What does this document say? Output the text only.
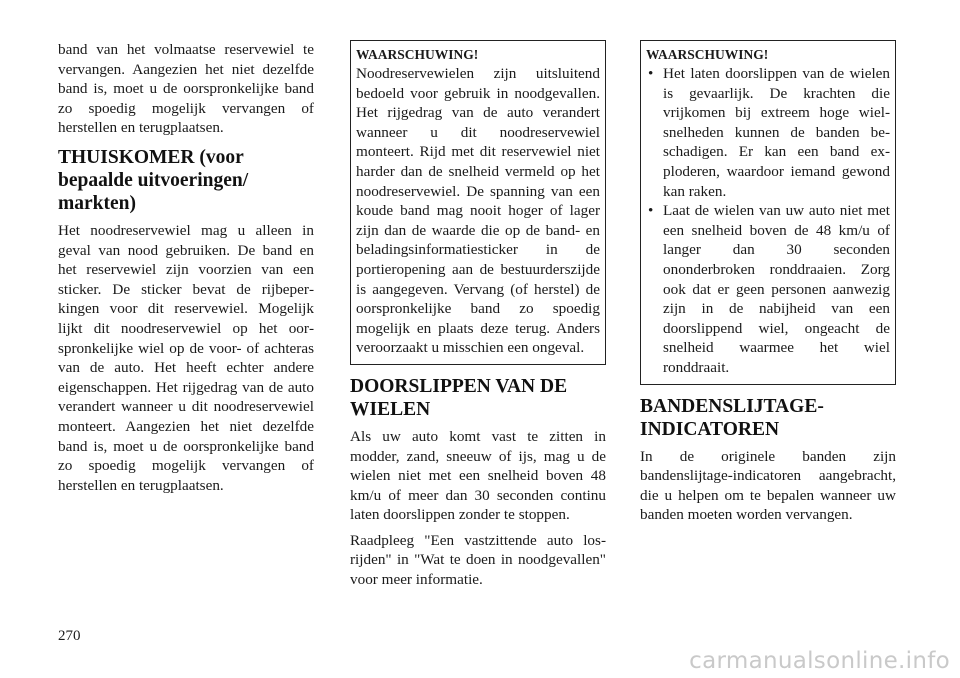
band van het volmaatse reservewiel te vervangen. Aangezien het niet dezelfde band is, moet u de oorspronkelijke band zo spoedig mogelijk vervangen of herstellen en terugplaatsen.

THUISKOMER (voor bepaalde uitvoeringen/ markten)

Het noodreservewiel mag u alleen in geval van nood gebruiken. De band en het reservewiel zijn voorzien van een sticker. De sticker bevat de rijbeperkingen voor dit reservewiel. Mogelijk lijkt dit noodreservewiel op het oorspronkelijke wiel op de voor- of achteras van de auto. Het heeft echter andere eigenschappen. Het rijgedrag van de auto verandert wanneer u dit noodreservewiel monteert. Aangezien het niet dezelfde band is, moet u de oorspronkelijke band zo spoedig mogelijk vervangen of herstellen en terugplaatsen.

WAARSCHUWING!

Noodreservewielen zijn uitsluitend bedoeld voor gebruik in noodgevallen. Het rijgedrag van de auto verandert wanneer u dit noodreservewiel monteert. Rijd met dit reservewiel niet harder dan de snelheid vermeld op het noodreservewiel. De spanning van een koude band mag nooit hoger of lager zijn dan de waarde die op de band- en beladingsinformatiesticker in de portieropening aan de bestuurderszijde is aangegeven. Vervang (of herstel) de oorspronkelijke band zo spoedig mogelijk en plaats deze terug. Anders veroorzaakt u misschien een ongeval.

DOORSLIPPEN VAN DE WIELEN

Als uw auto komt vast te zitten in modder, zand, sneeuw of ijs, mag u de wielen niet met een snelheid boven 48 km/u of meer dan 30 seconden continu laten doorslippen zonder te stoppen.

Raadpleeg "Een vastzittende auto losrijden" in "Wat te doen in noodgevallen" voor meer informatie.

WAARSCHUWING!
• Het laten doorslippen van de wielen is gevaarlijk. De krachten die vrijkomen bij extreem hoge wielsnelheden kunnen de banden beschadigen. Er kan een band exploderen, waardoor iemand gewond kan raken.
• Laat de wielen van uw auto niet met een snelheid boven de 48 km/u of langer dan 30 seconden ononderbroken ronddraaien. Zorg ook dat er geen personen aanwezig zijn in de nabijheid van een doorslippend wiel, ongeacht de snelheid waarmee het wiel ronddraait.
BANDENSLIJTAGE-INDICATOREN

In de originele banden zijn bandenslijtage-indicatoren aangebracht, die u helpen om te bepalen wanneer uw banden moeten worden vervangen.

270
carmanualsonline.info
